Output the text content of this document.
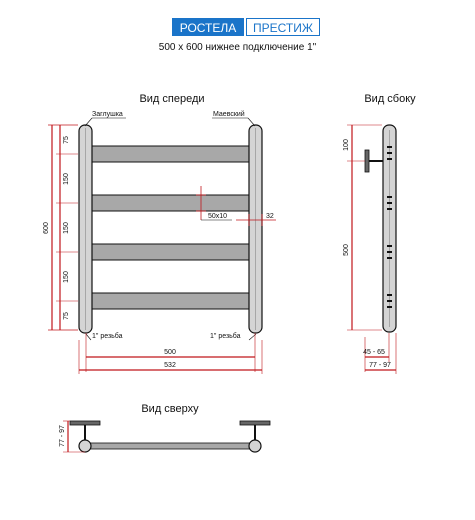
РОСТЕЛА	ПРЕСТИЖ
500 х 600 нижнее подключение 1"
Вид спереди
Заглушка	Маевский
600
75
150
150
150
75
50x10	32
1" резьба	1" резьба
500
532
Вид сбоку
100
500
45 - 65
77 - 97
Вид сверху
77 - 97
